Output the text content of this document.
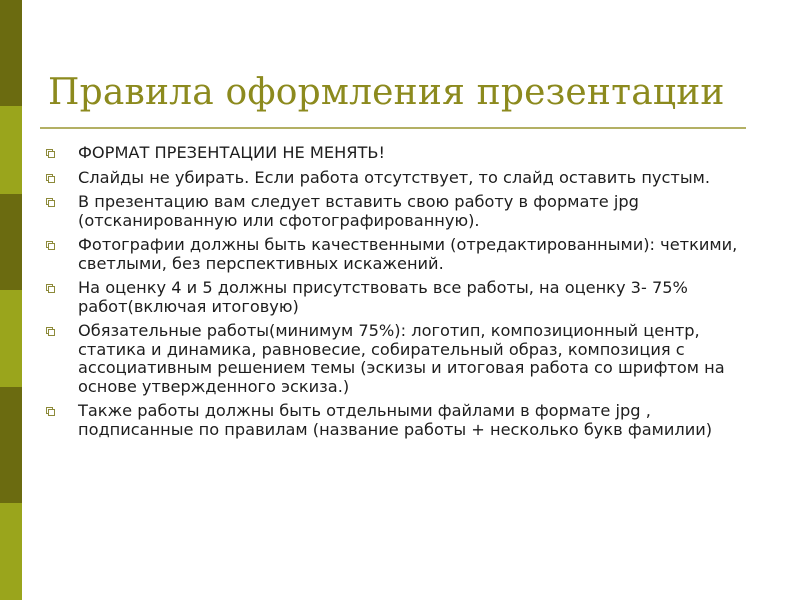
Правила оформления презентации
ФОРМАТ ПРЕЗЕНТАЦИИ НЕ МЕНЯТЬ!
Слайды не убирать. Если работа отсутствует, то слайд оставить пустым.
В презентацию вам следует вставить свою работу в формате jpg (отсканированную или сфотографированную).
Фотографии должны быть качественными (отредактированными): четкими, светлыми, без перспективных искажений.
На оценку 4 и 5 должны присутствовать все работы, на оценку 3- 75% работ(включая итоговую)
Обязательные работы(минимум 75%): логотип, композиционный центр, статика и динамика, равновесие, собирательный образ, композиция с ассоциативным решением темы (эскизы и итоговая работа со шрифтом на основе утвержденного эскиза.)
Также работы должны быть отдельными файлами в формате jpg , подписанные по правилам (название работы + несколько букв фамилии)
